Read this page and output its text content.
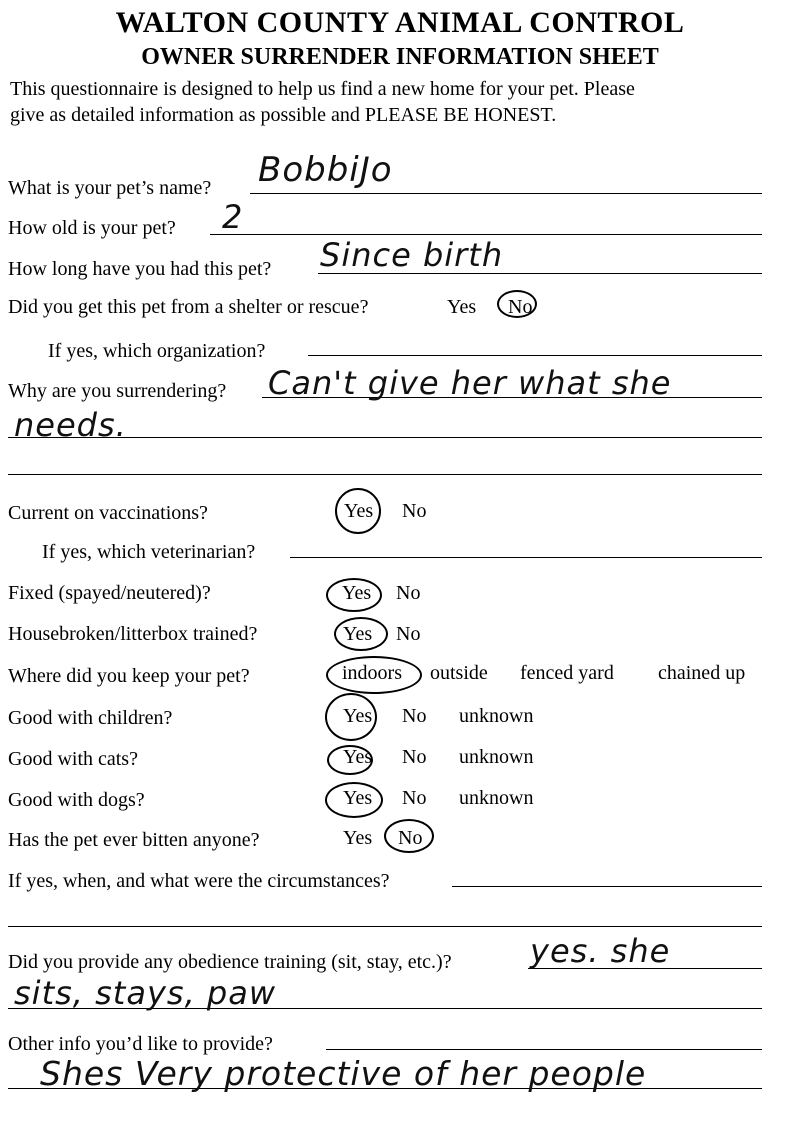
WALTON COUNTY ANIMAL CONTROL
OWNER SURRENDER INFORMATION SHEET
This questionnaire is designed to help us find a new home for your pet. Please
give as detailed information as possible and PLEASE BE HONEST.
What is your pet’s name? BobbiJo
How old is your pet? 2
How long have you had this pet? Since birth
Did you get this pet from a shelter or rescue?	Yes No
If yes, which organization?
Why are you surrendering? Can't give her what she
needs.
Current on vaccinations?	Yes No
If yes, which veterinarian?
Fixed (spayed/neutered)?	Yes No
Housebroken/litterbox trained?	Yes No
Where did you keep your pet?	indoors outside fenced yard chained up
Good with children?	Yes No unknown
Good with cats?	Yes No unknown
Good with dogs?	Yes No unknown
Has the pet ever bitten anyone?	Yes No
If yes, when, and what were the circumstances?
Did you provide any obedience training (sit, stay, etc.)? yes. she
sits, stays, paw
Other info you’d like to provide?
Shes Very protective of her people
